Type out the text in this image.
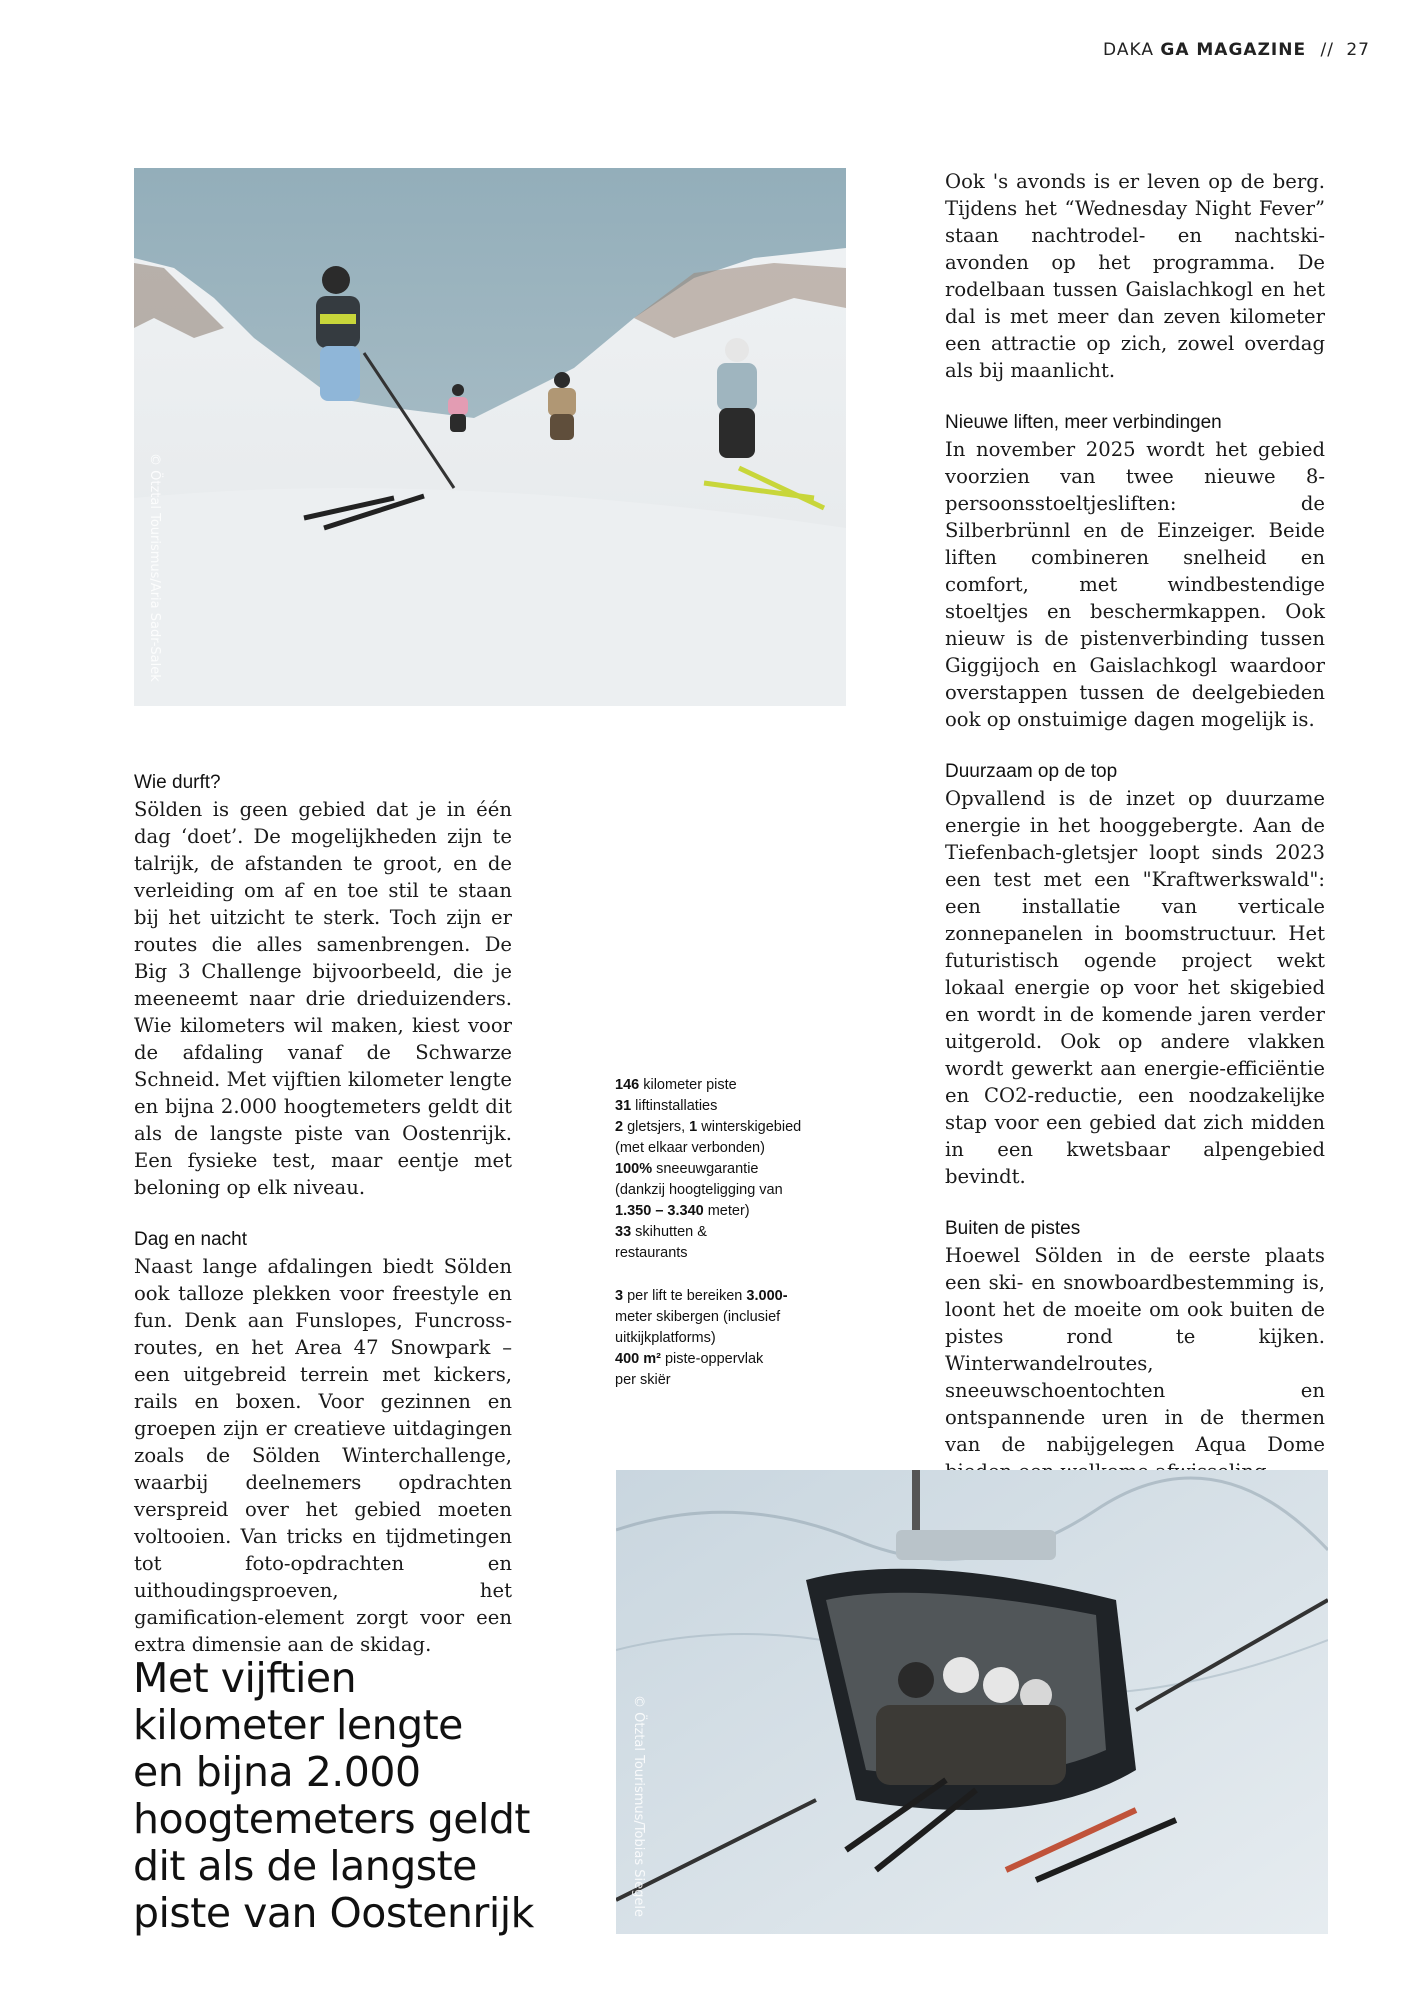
DAKA GA MAGAZINE // 27
© Ötztal Tourismus/Aria Sadr-Salek
Wie durft?

Sölden is geen gebied dat je in één dag ‘doet’. De mogelijkheden zijn te talrijk, de afstanden te groot, en de verleiding om af en toe stil te staan bij het uitzicht te sterk. Toch zijn er routes die alles samenbrengen. De Big 3 Challenge bijvoorbeeld, die je meeneemt naar drie drieduizenders. Wie kilometers wil maken, kiest voor de afdaling vanaf de Schwarze Schneid. Met vijftien kilometer lengte en bijna 2.000 hoogtemeters geldt dit als de langste piste van Oostenrijk. Een fysieke test, maar eentje met beloning op elk niveau.

Dag en nacht

Naast lange afdalingen biedt Sölden ook talloze plekken voor freestyle en fun. Denk aan Funslopes, Funcross-routes, en het Area 47 Snowpark – een uitgebreid terrein met kickers, rails en boxen. Voor gezinnen en groepen zijn er creatieve uitdagingen zoals de Sölden Winterchallenge, waarbij deelnemers opdrachten verspreid over het gebied moeten voltooien. Van tricks en tijdmetingen tot foto-opdrachten en uithoudingsproeven, het gamification-element zorgt voor een extra dimensie aan de skidag.

Ook 's avonds is er leven op de berg. Tijdens het “Wednesday Night Fever” staan nachtrodel- en nachtski-avonden op het programma. De rodelbaan tussen Gaislachkogl en het dal is met meer dan zeven kilometer een attractie op zich, zowel overdag als bij maanlicht.

Nieuwe liften, meer verbindingen

In november 2025 wordt het gebied voorzien van twee nieuwe 8-persoonsstoeltjesliften: de Silberbrünnl en de Einzeiger. Beide liften combineren snelheid en comfort, met windbestendige stoeltjes en beschermkappen. Ook nieuw is de pistenverbinding tussen Giggijoch en Gaislachkogl waardoor overstappen tussen de deelgebieden ook op onstuimige dagen mogelijk is.

Duurzaam op de top

Opvallend is de inzet op duurzame energie in het hooggebergte. Aan de Tiefenbach-gletsjer loopt sinds 2023 een test met een "Kraftwerkswald": een installatie van verticale zonnepanelen in boomstructuur. Het futuristisch ogende project wekt lokaal energie op voor het skigebied en wordt in de komende jaren verder uitgerold. Ook op andere vlakken wordt gewerkt aan energie-efficiëntie en CO2-reductie, een noodzakelijke stap voor een gebied dat zich midden in een kwetsbaar alpengebied bevindt.

Buiten de pistes

Hoewel Sölden in de eerste plaats een ski- en snowboardbestemming is, loont het de moeite om ook buiten de pistes rond te kijken. Winterwandelroutes, sneeuwschoentochten en ontspannende uren in de thermen van de nabijgelegen Aqua Dome

146 kilometer piste
31 liftinstallaties
2 gletsjers, 1 winterskigebied
(met elkaar verbonden)
100% sneeuwgarantie
(dankzij hoogteligging van
1.350 – 3.340 meter)
33 skihutten &
restaurants
3 per lift te bereiken 3.000-
meter skibergen (inclusief
uitkijkplatforms)
400 m² piste-oppervlak
per skiër
© Ötztal Tourismus/Tobias Siegele
Met vijftien
kilometer lengte
en bijna 2.000
hoogtemeters geldt
dit als de langste
piste van Oostenrijk
